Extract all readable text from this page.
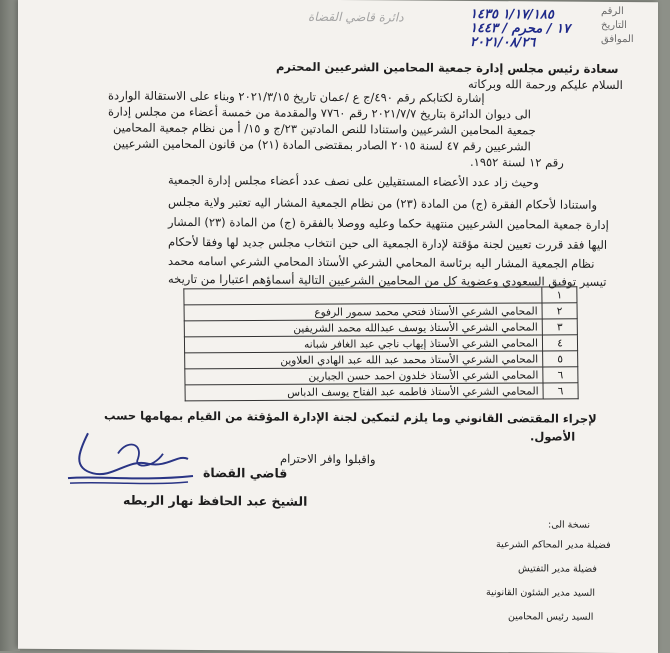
دائرة قاضي القضاة	الرقم
١/١٧/١٨٥ ١٤٣٥
التاريخ
١٧ / محرم / ١٤٤٣
الموافق
٢٠٢١/٠٨/٢٦
سعادة رئيس مجلس إدارة جمعية المحامين الشرعيين المحترم
السلام عليكم ورحمة الله وبركاته
إشارة لكتابكم رقم ٤٩٠/ج ع /عمان تاريخ ٢٠٢١/٣/١٥ وبناء على الاستقالة الواردة
الى ديوان الدائرة بتاريخ ٢٠٢١/٧/٧ رقم ٧٧٦٠ والمقدمة من خمسة أعضاء من مجلس إدارة
جمعية المحامين الشرعيين واستنادا للنص المادتين ٢٣/ج و ١٥/ أ من نظام جمعية المحامين
الشرعيين رقم ٤٧ لسنة ٢٠١٥ الصادر بمقتضى المادة (٢١) من قانون المحامين الشرعيين
رقم ١٢ لسنة ١٩٥٢.
وحيث زاد عدد الأعضاء المستقيلين على نصف عدد أعضاء مجلس إدارة الجمعية
واستنادا لأحكام الفقرة (ج) من المادة (٢٣) من نظام الجمعية المشار اليه تعتبر ولاية مجلس
إدارة جمعية المحامين الشرعيين منتهية حكما وعليه ووصلا بالفقرة (ج) من المادة (٢٣) المشار
اليها فقد قررت تعيين لجنة مؤقتة لإدارة الجمعية الى حين انتخاب مجلس جديد لها وفقا لأحكام
نظام الجمعية المشار اليه برئاسة المحامي الشرعي الأستاذ المحامي الشرعي اسامه محمد
تيسير توفيق السعودي وعضوية كل من المحامين الشرعيين التالية أسماؤهم اعتبارا من تاريخه
١	
٢	المحامي الشرعي الأستاذ فتحي محمد سمور الرفوع
٣	المحامي الشرعي الأستاذ يوسف عبدالله محمد الشريفين
٤	المحامي الشرعي الأستاذ إيهاب ناجي عبد الغافر شبانه
٥	المحامي الشرعي الأستاذ محمد عبد الله عبد الهادي العلاوين
٦	المحامي الشرعي الأستاذ خلدون احمد حسن الجبارين
٦	المحامي الشرعي الأستاذ فاطمه عبد الفتاح يوسف الدباس
لإجراء المقتضى القانوني وما يلزم لتمكين لجنة الإدارة المؤقتة من القيام بمهامها حسب
الأصول.
واقبلوا وافر الاحترام
قاضي القضاة
الشيخ عبد الحافظ نهار الربطه
نسخة الى:
فضيلة مدير المحاكم الشرعية
فضيلة مدير التفتيش
السيد مدير الشئون القانونية
السيد رئيس المحامين
